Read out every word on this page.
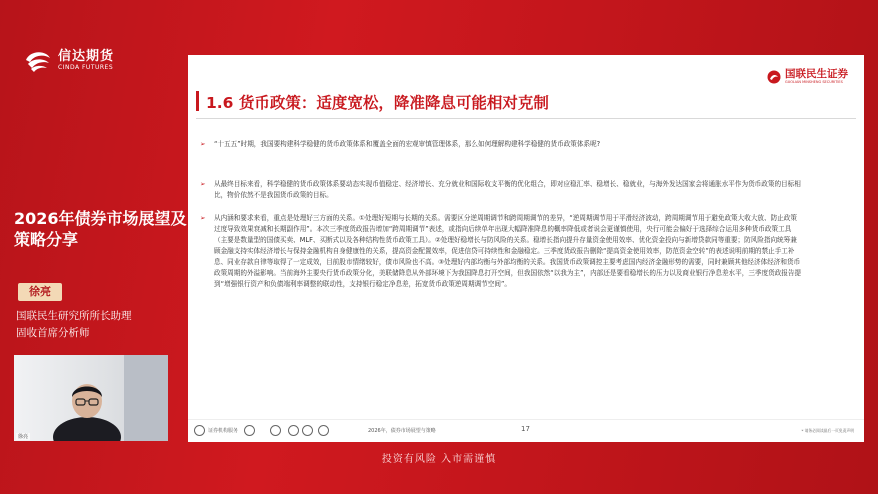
信达期货
CINDA FUTURES
2026年债券市场展望及策略分享
徐亮
国联民生研究所所长助理
固收首席分析师
徐亮
国联民生证券
GUOLIAN MINSHENG SECURITIES
1.6 货币政策：适度宽松，降准降息可能相对克制
➢	“十五五”时期，我国要构建科学稳健的货币政策体系和覆盖全面的宏观审慎管理体系，那么如何理解构建科学稳健的货币政策体系呢?
➢	从最终目标来看，科学稳健的货币政策体系要动态实现币值稳定、经济增长、充分就业和国际收支平衡的优化组合，即对应稳汇率、稳增长、稳就业，与海外发达国家会将通胀水平作为货币政策的目标相比，物价依然不是我国货币政策的目标。
➢	从内涵和要求来看，重点是处理好三方面的关系。①处理好短期与长期的关系。需要区分逆周期调节和跨周期调节的差异，“逆周期调节用于平滑经济波动，跨周期调节用于避免政策大收大放、防止政策过度导致效果衰减和长期副作用”。本次三季度货政报告增加“跨周期调节”表述，或指向后续单年出现大幅降准降息的概率降低或者说会更谨慎使用，央行可能会偏好于选择综合运用多种货币政策工具（主要是数量型的国债买卖、MLF、买断式以及各种结构性货币政策工具）。②处理好稳增长与防风险的关系。稳增长指向提升存量资金使用效率、优化资金投向与新增贷款同等重要；防风险指向统筹兼顾金融支持实体经济增长与保持金融机构自身健康性的关系，提高资金配置效率，促进信贷可持续性和金融稳定。三季度货政报告删除“提高资金使用效率，防范资金空转”的表述说明前期的禁止手工补息、同业存款自律等取得了一定成效，目前股市情绪较好，债市风险也不高。③处理好内部均衡与外部均衡的关系。我国货币政策调控主要考虑国内经济金融形势的需要，同时兼顾其他经济体经济和货币政策周期的外溢影响。当前海外主要央行货币政策分化，美联储降息从外部环境下为我国降息打开空间，但我国依然“以我为主”，内部还是要看稳增长的压力以及商业银行净息差水平，三季度货政报告提到“增强银行资产和负债端利率调整的联动性，支持银行稳定净息差，拓宽货币政策逆周期调节空间”。
证券机构服务	2026年，债券市场展望与策略	17	* 请务必阅读最后一页免责声明
投资有风险 入市需谨慎
